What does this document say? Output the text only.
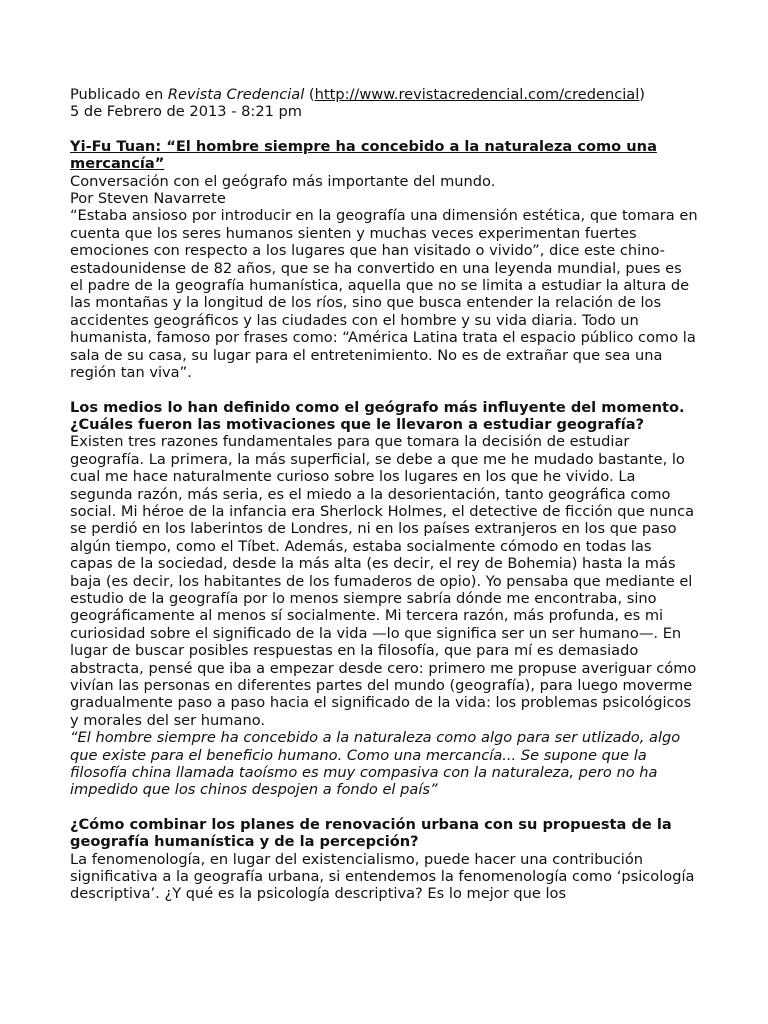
Publicado en Revista Credencial (http://www.revistacredencial.com/credencial)
5 de Febrero de 2013 - 8:21 pm
Yi-Fu Tuan: “El hombre siempre ha concebido a la naturaleza como una mercancía”
Conversación con el geógrafo más importante del mundo.
Por Steven Navarrete

“Estaba ansioso por introducir en la geografía una dimensión estética, que tomara en cuenta que los seres humanos sienten y muchas veces experimentan fuertes emociones con respecto a los lugares que han visitado o vivido”, dice este chino-estadounidense de 82 años, que se ha convertido en una leyenda mundial, pues es el padre de la geografía humanística, aquella que no se limita a estudiar la altura de las montañas y la longitud de los ríos, sino que busca entender la relación de los accidentes geográficos y las ciudades con el hombre y su vida diaria. Todo un humanista, famoso por frases como: “América Latina trata el espacio público como la sala de su casa, su lugar para el entretenimiento. No es de extrañar que sea una región tan viva”.

Los medios lo han definido como el geógrafo más influyente del momento. ¿Cuáles fueron las motivaciones que le llevaron a estudiar geografía?

Existen tres razones fundamentales para que tomara la decisión de estudiar geografía. La primera, la más superficial, se debe a que me he mudado bastante, lo cual me hace naturalmente curioso sobre los lugares en los que he vivido. La segunda razón, más seria, es el miedo a la desorientación, tanto geográfica como social. Mi héroe de la infancia era Sherlock Holmes, el detective de ficción que nunca se perdió en los laberintos de Londres, ni en los países extranjeros en los que paso algún tiempo, como el Tíbet. Además, estaba socialmente cómodo en todas las capas de la sociedad, desde la más alta (es decir, el rey de Bohemia) hasta la más baja (es decir, los habitantes de los fumaderos de opio). Yo pensaba que mediante el estudio de la geografía por lo menos siempre sabría dónde me encontraba, sino geográficamente al menos sí socialmente. Mi tercera razón, más profunda, es mi curiosidad sobre el significado de la vida —lo que significa ser un ser humano—. En lugar de buscar posibles respuestas en la filosofía, que para mí es demasiado abstracta, pensé que iba a empezar desde cero: primero me propuse averiguar cómo vivían las personas en diferentes partes del mundo (geografía), para luego moverme gradualmente paso a paso hacia el significado de la vida: los problemas psicológicos y morales del ser humano.

“El hombre siempre ha concebido a la naturaleza como algo para ser utlizado, algo que existe para el beneficio humano. Como una mercancía... Se supone que la filosofía china llamada taoísmo es muy compasiva con la naturaleza, pero no ha impedido que los chinos despojen a fondo el país”

¿Cómo combinar los planes de renovación urbana con su propuesta de la geografía humanística y de la percepción?

La fenomenología, en lugar del existencialismo, puede hacer una contribución significativa a la geografía urbana, si entendemos la fenomenología como ‘psicología descriptiva’. ¿Y qué es la psicología descriptiva? Es lo mejor que los
